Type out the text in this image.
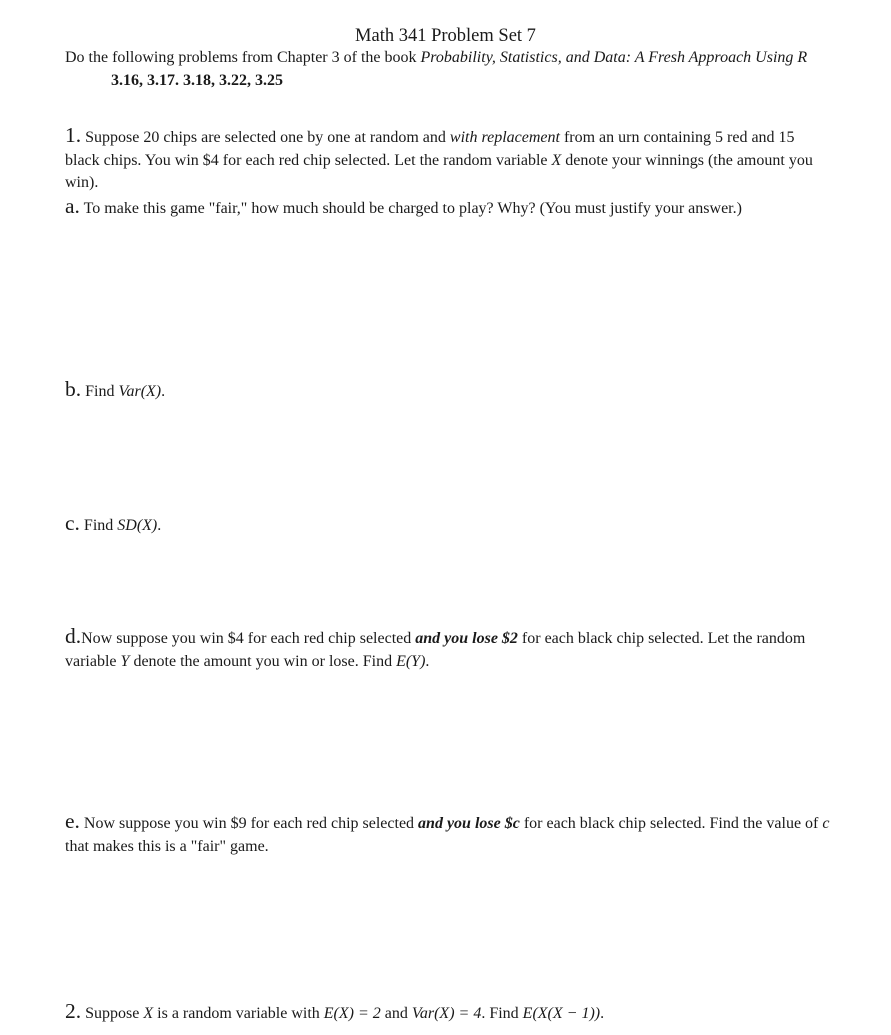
Math 341 Problem Set 7
Do the following problems from Chapter 3 of the book Probability, Statistics, and Data: A Fresh Approach Using R3.16, 3.17. 3.18, 3.22, 3.25
1. Suppose 20 chips are selected one by one at random and with replacement from an urn containing 5 red and 15 black chips. You win $4 for each red chip selected. Let the random variable X denote your winnings (the amount you win).
a. To make this game "fair," how much should be charged to play? Why? (You must justify your answer.)
b. Find Var(X).
c. Find SD(X).
d.Now suppose you win $4 for each red chip selected and you lose $2 for each black chip selected. Let the random variable Y denote the amount you win or lose. Find E(Y).
e. Now suppose you win $9 for each red chip selected and you lose $c for each black chip selected. Find the value of c that makes this is a "fair" game.
2. Suppose X is a random variable with E(X) = 2 and Var(X) = 4. Find E(X(X − 1)).
